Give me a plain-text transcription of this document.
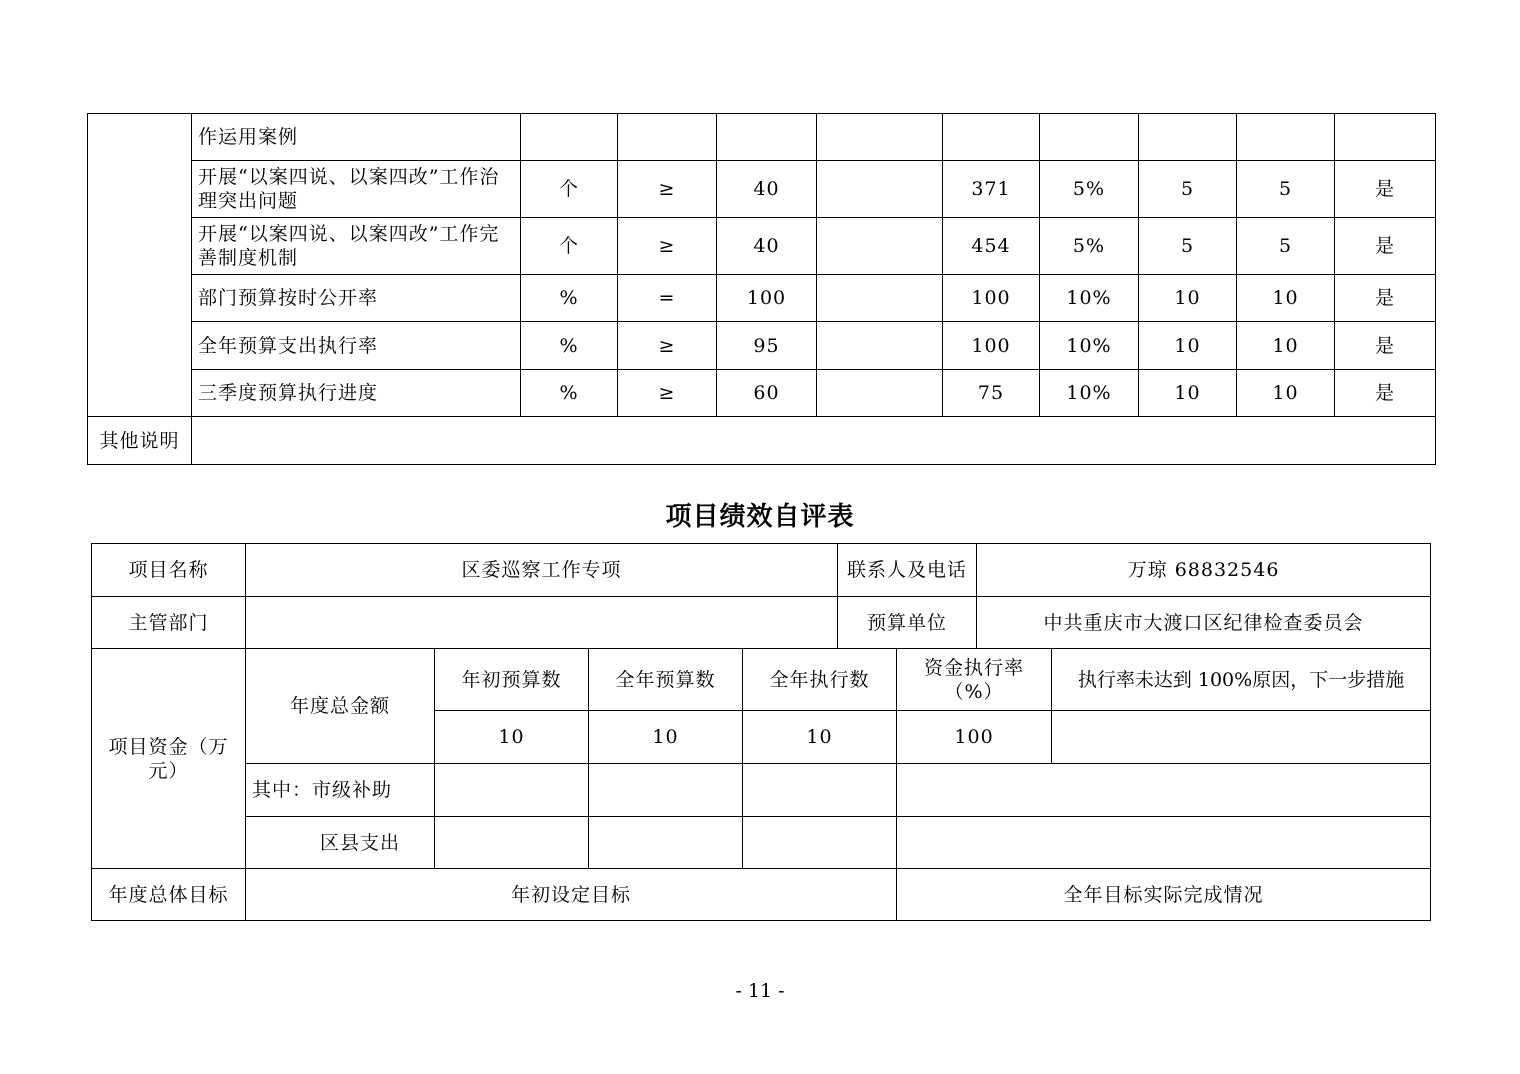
	作运用案例									
	开展“以案四说、以案四改”工作治理突出问题	个	≥	40		371	5%	5	5	是
	开展“以案四说、以案四改”工作完善制度机制	个	≥	40		454	5%	5	5	是
	部门预算按时公开率	%	=	100		100	10%	10	10	是
	全年预算支出执行率	%	≥	95		100	10%	10	10	是
	三季度预算执行进度	%	≥	60		75	10%	10	10	是

其他说明
项目绩效自评表
项目名称	区委巡察工作专项				联系人及电话		万琼 68832546	
主管部门					预算单位		中共重庆市大渡口区纪律检查委员会	
项目资金（万元）	年度总金额	年初预算数	全年预算数	全年执行数		资金执行率（%）		执行率未达到 100%原因，下一步措施
		10	10	10		100		
	其中：市级补助							
	区县支出							
年度总体目标	年初设定目标					全年目标实际完成情况		
- 11 -
